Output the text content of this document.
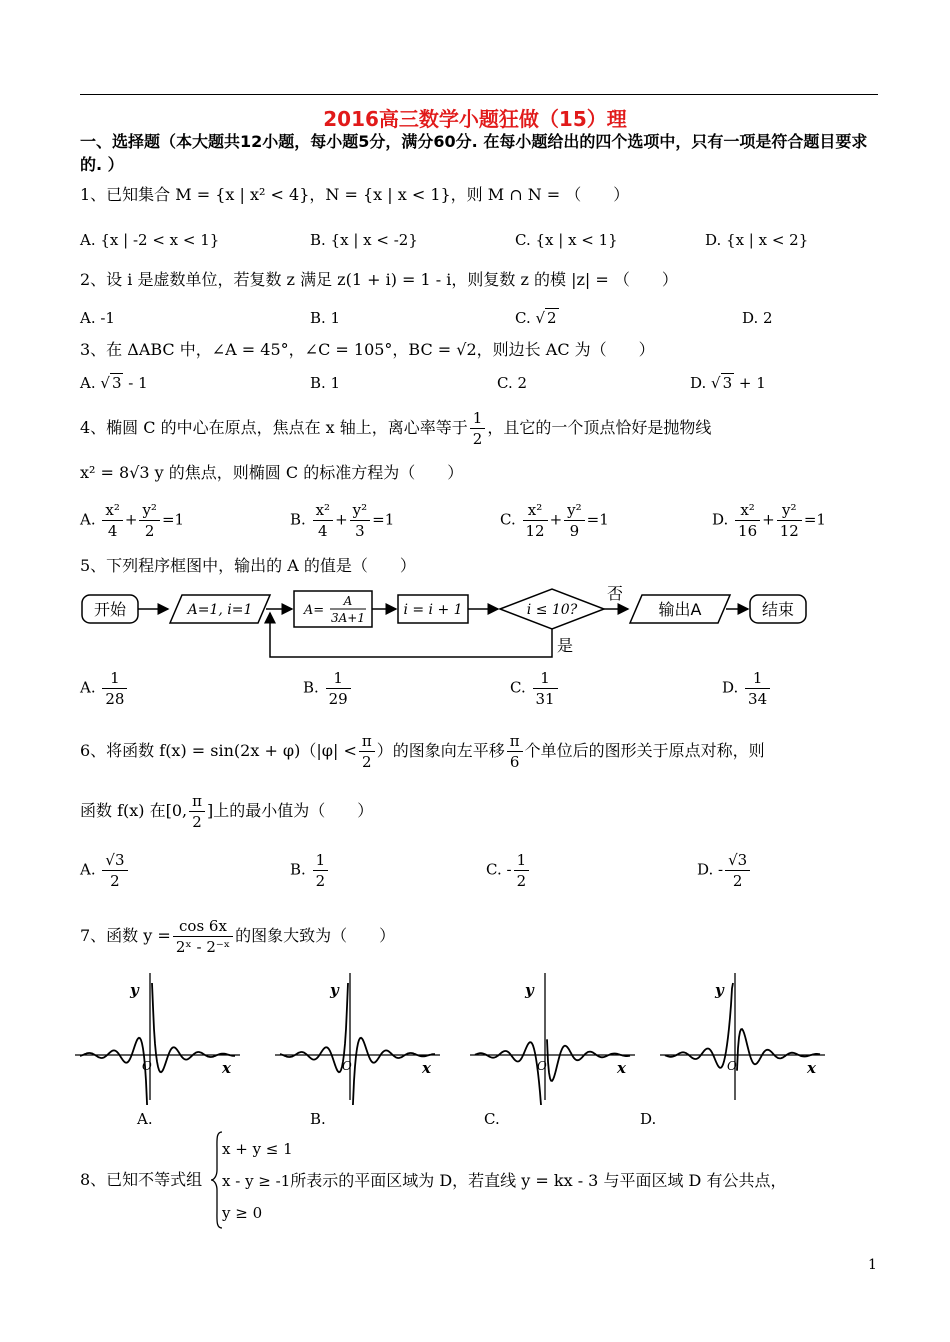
2016高三数学小题狂做（15）理
一、选择题（本大题共12小题，每小题5分，满分60分. 在每小题给出的四个选项中，只有一项是符合题目要求的. ）
1、已知集合 M = {x | x² < 4}，N = {x | x < 1}，则 M ∩ N = （　　）
A. {x | -2 < x < 1}	B. {x | x < -2}	C. {x | x < 1}	D. {x | x < 2}
2、设 i 是虚数单位，若复数 z 满足 z(1 + i) = 1 - i，则复数 z 的模 |z| = （　　）
A. -1	B. 1	C. √ 2	D. 2
3、在 ΔABC 中，∠A = 45°，∠C = 105°，BC = √2，则边长 AC 为（　　）
A. √ 3 - 1	B. 1	C. 2	D. √ 3 + 1
4、椭圆 C 的中心在原点，焦点在 x 轴上，离心率等于 $\frac{1}{2}$ ，且它的一个顶点恰好是抛物线
x² = 8√3 y 的焦点，则椭圆 C 的标准方程为（　　）
A. $\frac{\text{x²}}{4} + \frac{\text{y²}}{2} =1$	B. $\frac{\text{x²}}{4} + \frac{\text{y²}}{3} =1$	C. $\frac{\text{x²}}{12} + \frac{\text{y²}}{9} =1$	D. $\frac{\text{x²}}{16} + \frac{\text{y²}}{12} =1$
5、下列程序框图中，输出的 A 的值是（　　）
开始	A=1, i=1	A=
A
3A+1	i = i + 1	i ≤ 10?
否
输出A	结束
是
A. $\frac{1}{28}$	B. $\frac{1}{29}$	C. $\frac{1}{31}$	D. $\frac{1}{34}$
6、将函数 $f(x) = \sin(2x + \varphi)(|\varphi| < \frac{\pi}{2}$ ）的图象向左平移 $\frac{\pi}{6}$ 个单位后的图形关于原点对称，则
函数 f(x) 在[0, $\frac{\pi}{2}$ ]上的最小值为（　　）
A. $\frac{√3}{2}$	B. $\frac{1}{2}$	C. - $\frac{1}{2}$	D. - $\frac{√3}{2}$
7、函数 $y = \frac{\cos 6x}{\text{2ˣ - 2⁻ˣ}}$ 的图象大致为（　　）
y
x
O
y
x
O
y
x
O
y
x
O
A.	B.	C.	D.
8、已知不等式组
x + y ≤ 1
x - y ≥ -1所表示的平面区域为 D，若直线 y = kx - 3 与平面区域 D 有公共点，
y ≥ 0
1
